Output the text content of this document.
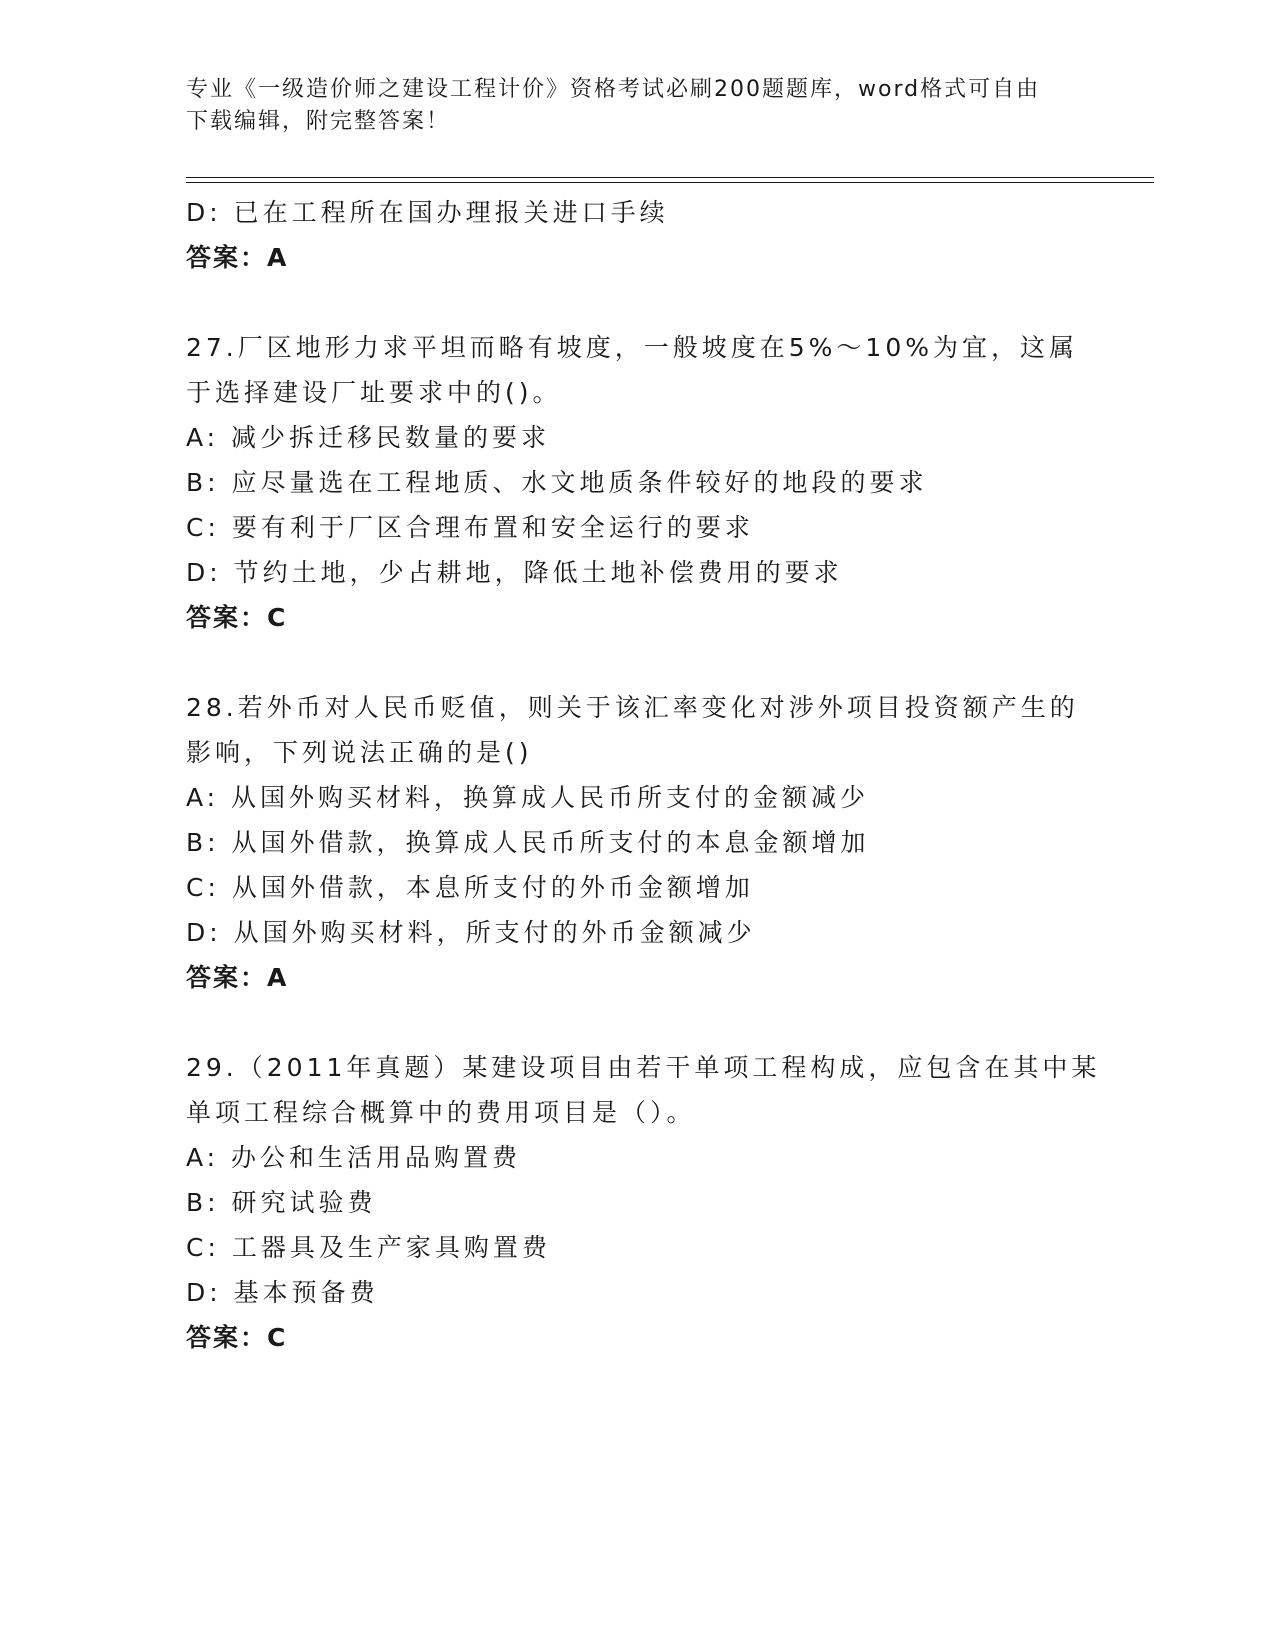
专业《一级造价师之建设工程计价》资格考试必刷200题题库，word格式可自由
下载编辑，附完整答案！
D: 已在工程所在国办理报关进口手续
答案：A
27.厂区地形力求平坦而略有坡度，一般坡度在5%～10%为宜，这属
于选择建设厂址要求中的()。
A: 减少拆迁移民数量的要求
B: 应尽量选在工程地质、水文地质条件较好的地段的要求
C: 要有利于厂区合理布置和安全运行的要求
D: 节约土地，少占耕地，降低土地补偿费用的要求
答案：C
28.若外币对人民币贬值，则关于该汇率变化对涉外项目投资额产生的
影响，下列说法正确的是()
A: 从国外购买材料，换算成人民币所支付的金额减少
B: 从国外借款，换算成人民币所支付的本息金额增加
C: 从国外借款，本息所支付的外币金额增加
D: 从国外购买材料，所支付的外币金额减少
答案：A
29.（2011年真题）某建设项目由若干单项工程构成，应包含在其中某
单项工程综合概算中的费用项目是（）。
A: 办公和生活用品购置费
B: 研究试验费
C: 工器具及生产家具购置费
D: 基本预备费
答案：C
